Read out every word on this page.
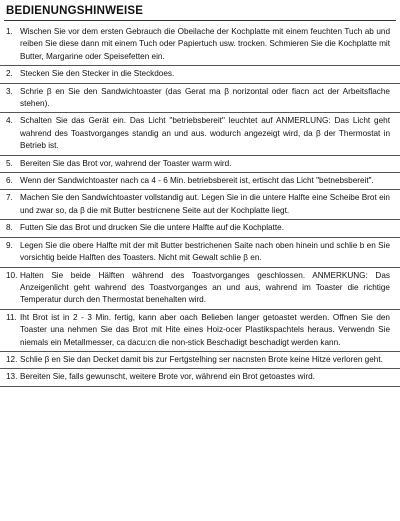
BEDIENUNGSHINWEISE
1. Wischen Sie vor dem ersten Gebrauch die Obeilache der Kochplatte mit einem feuchten Tuch ab und reiben Sie diese dann mit einem Tuch oder Papiertuch usw. trocken. Schmieren Sie die Kochplatte mit Butter, Margarine oder Speisefetten ein.
2. Stecken Sie den Stecker in die Steckdoes.
3. Schrie β en Sie den Sandwichtoaster (das Gerat ma β norizontal oder fiacn act der Arbeitsflache stehen).
4. Schalten Sie das Gerät ein. Das Licht "betriebsbereit" leuchtet auf ANMERLUNG: Das Licht geht wahrend des Toastvorganges standig an und aus. wodurch angezeigt wird, da β der Thermostat in Betrieb ist.
5. Bereiten Sie das Brot vor, wahrend der Toaster warm wird.
6. Wenn der Sandwichtoaster nach ca 4 - 6 Min. betriebsbereit ist, ertischt das Licht "betnebsbereit".
7. Machen Sie den Sandwichtoaster vollstandig aut. Legen Sie in die untere Halfte eine Scheibe Brot ein und zwar so, da β die mit Butter bestricnene Seite aut der Kochplatte liegt.
8. Futten Sie das Brot und drucken Sie die untere Halfte auf die Kochplatte.
9. Legen Sie die obere Halfte mit der mit Butter bestrichenen Saite nach oben hinein und schlie b en Sie vorsichtig beide Halften des Toasters. Nicht mit Gewalt schlie β en.
10. Halten Sie beide Hälften während des Toastvorganges geschlossen. ANMERKUNG: Das Anzeigenlicht geht wahrend des Toastvorganges an und aus, wahrend im Toaster die richtige Temperatur durch den Thermostat benehalten wird.
11. Iht Brot ist in 2 - 3 Min. fertig, kann aber oach Belieben langer getoastet werden. Offnen Sie den Toaster una nehmen Sie das Brot mit Hite eines Hoiz-ocer Plastikspachtels heraus. Verwendn Sie niemals ein Metallmesser, ca dacu:cn die non-stick Beschadigt beschadigt werden kann.
12. Schlie β en Sie dan Decket damit bis zur Fertgstelhing ser nacnsten Brote keine Hitze verloren geht.
13. Bereiten Sie, falls gewunscht, weitere Brote vor, während ein Brot getoastes wird.
